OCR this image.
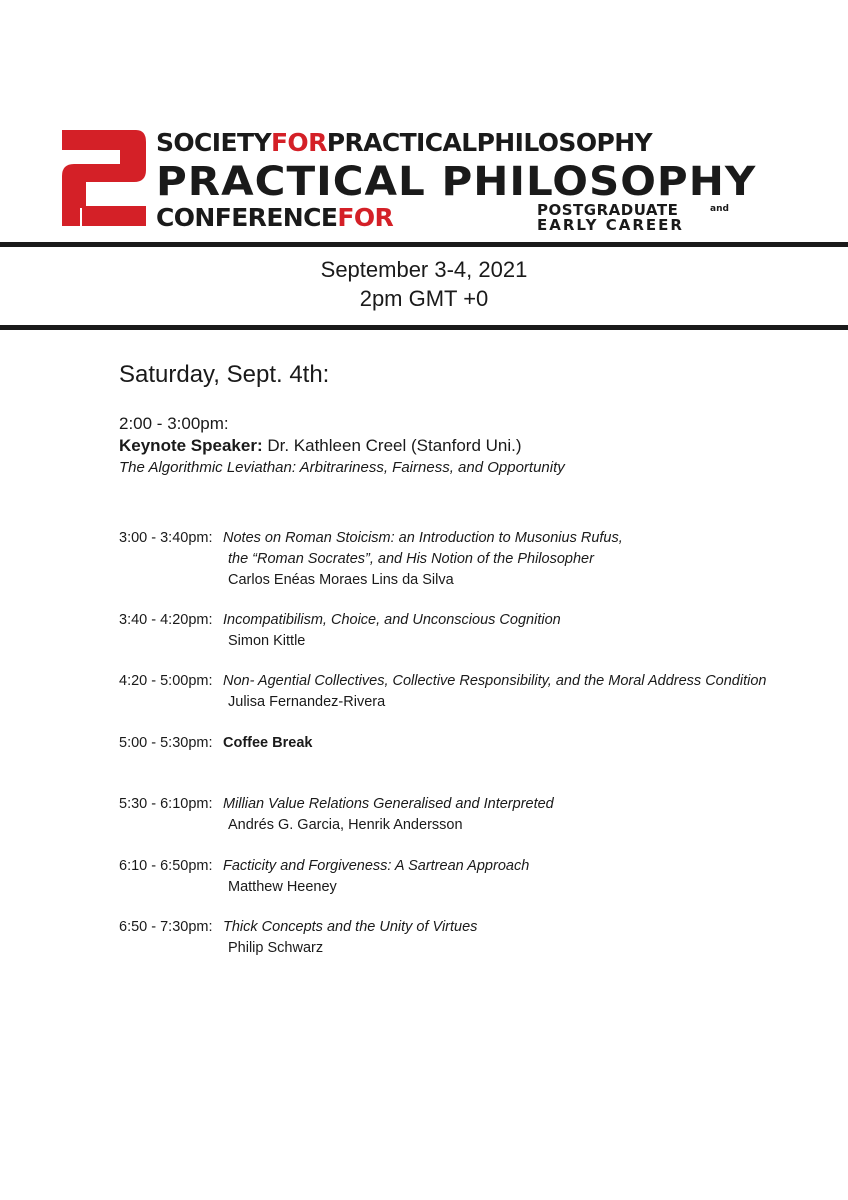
SOCIETYFORPRACTICALPHILOSOPHY
PRACTICAL PHILOSOPHY
CONFERENCEFOR	POSTGRADUATE	and
EARLY CAREER
September 3-4, 2021
2pm GMT +0
Saturday, Sept. 4th:
2:00 - 3:00pm:
Keynote Speaker: Dr. Kathleen Creel (Stanford Uni.)
The Algorithmic Leviathan: Arbitrariness, Fairness, and Opportunity
3:00 - 3:40pm: Notes on Roman Stoicism: an Introduction to Musonius Rufus,
the “Roman Socrates”, and His Notion of the Philosopher
Carlos Enéas Moraes Lins da Silva
3:40 - 4:20pm: Incompatibilism, Choice, and Unconscious Cognition
Simon Kittle
4:20 - 5:00pm: Non- Agential Collectives, Collective Responsibility, and the Moral Address Condition
Julisa Fernandez-Rivera
5:00 - 5:30pm: Coffee Break
5:30 - 6:10pm: Millian Value Relations Generalised and Interpreted
Andrés G. Garcia, Henrik Andersson
6:10 - 6:50pm: Facticity and Forgiveness: A Sartrean Approach
Matthew Heeney
6:50 - 7:30pm: Thick Concepts and the Unity of Virtues
Philip Schwarz
